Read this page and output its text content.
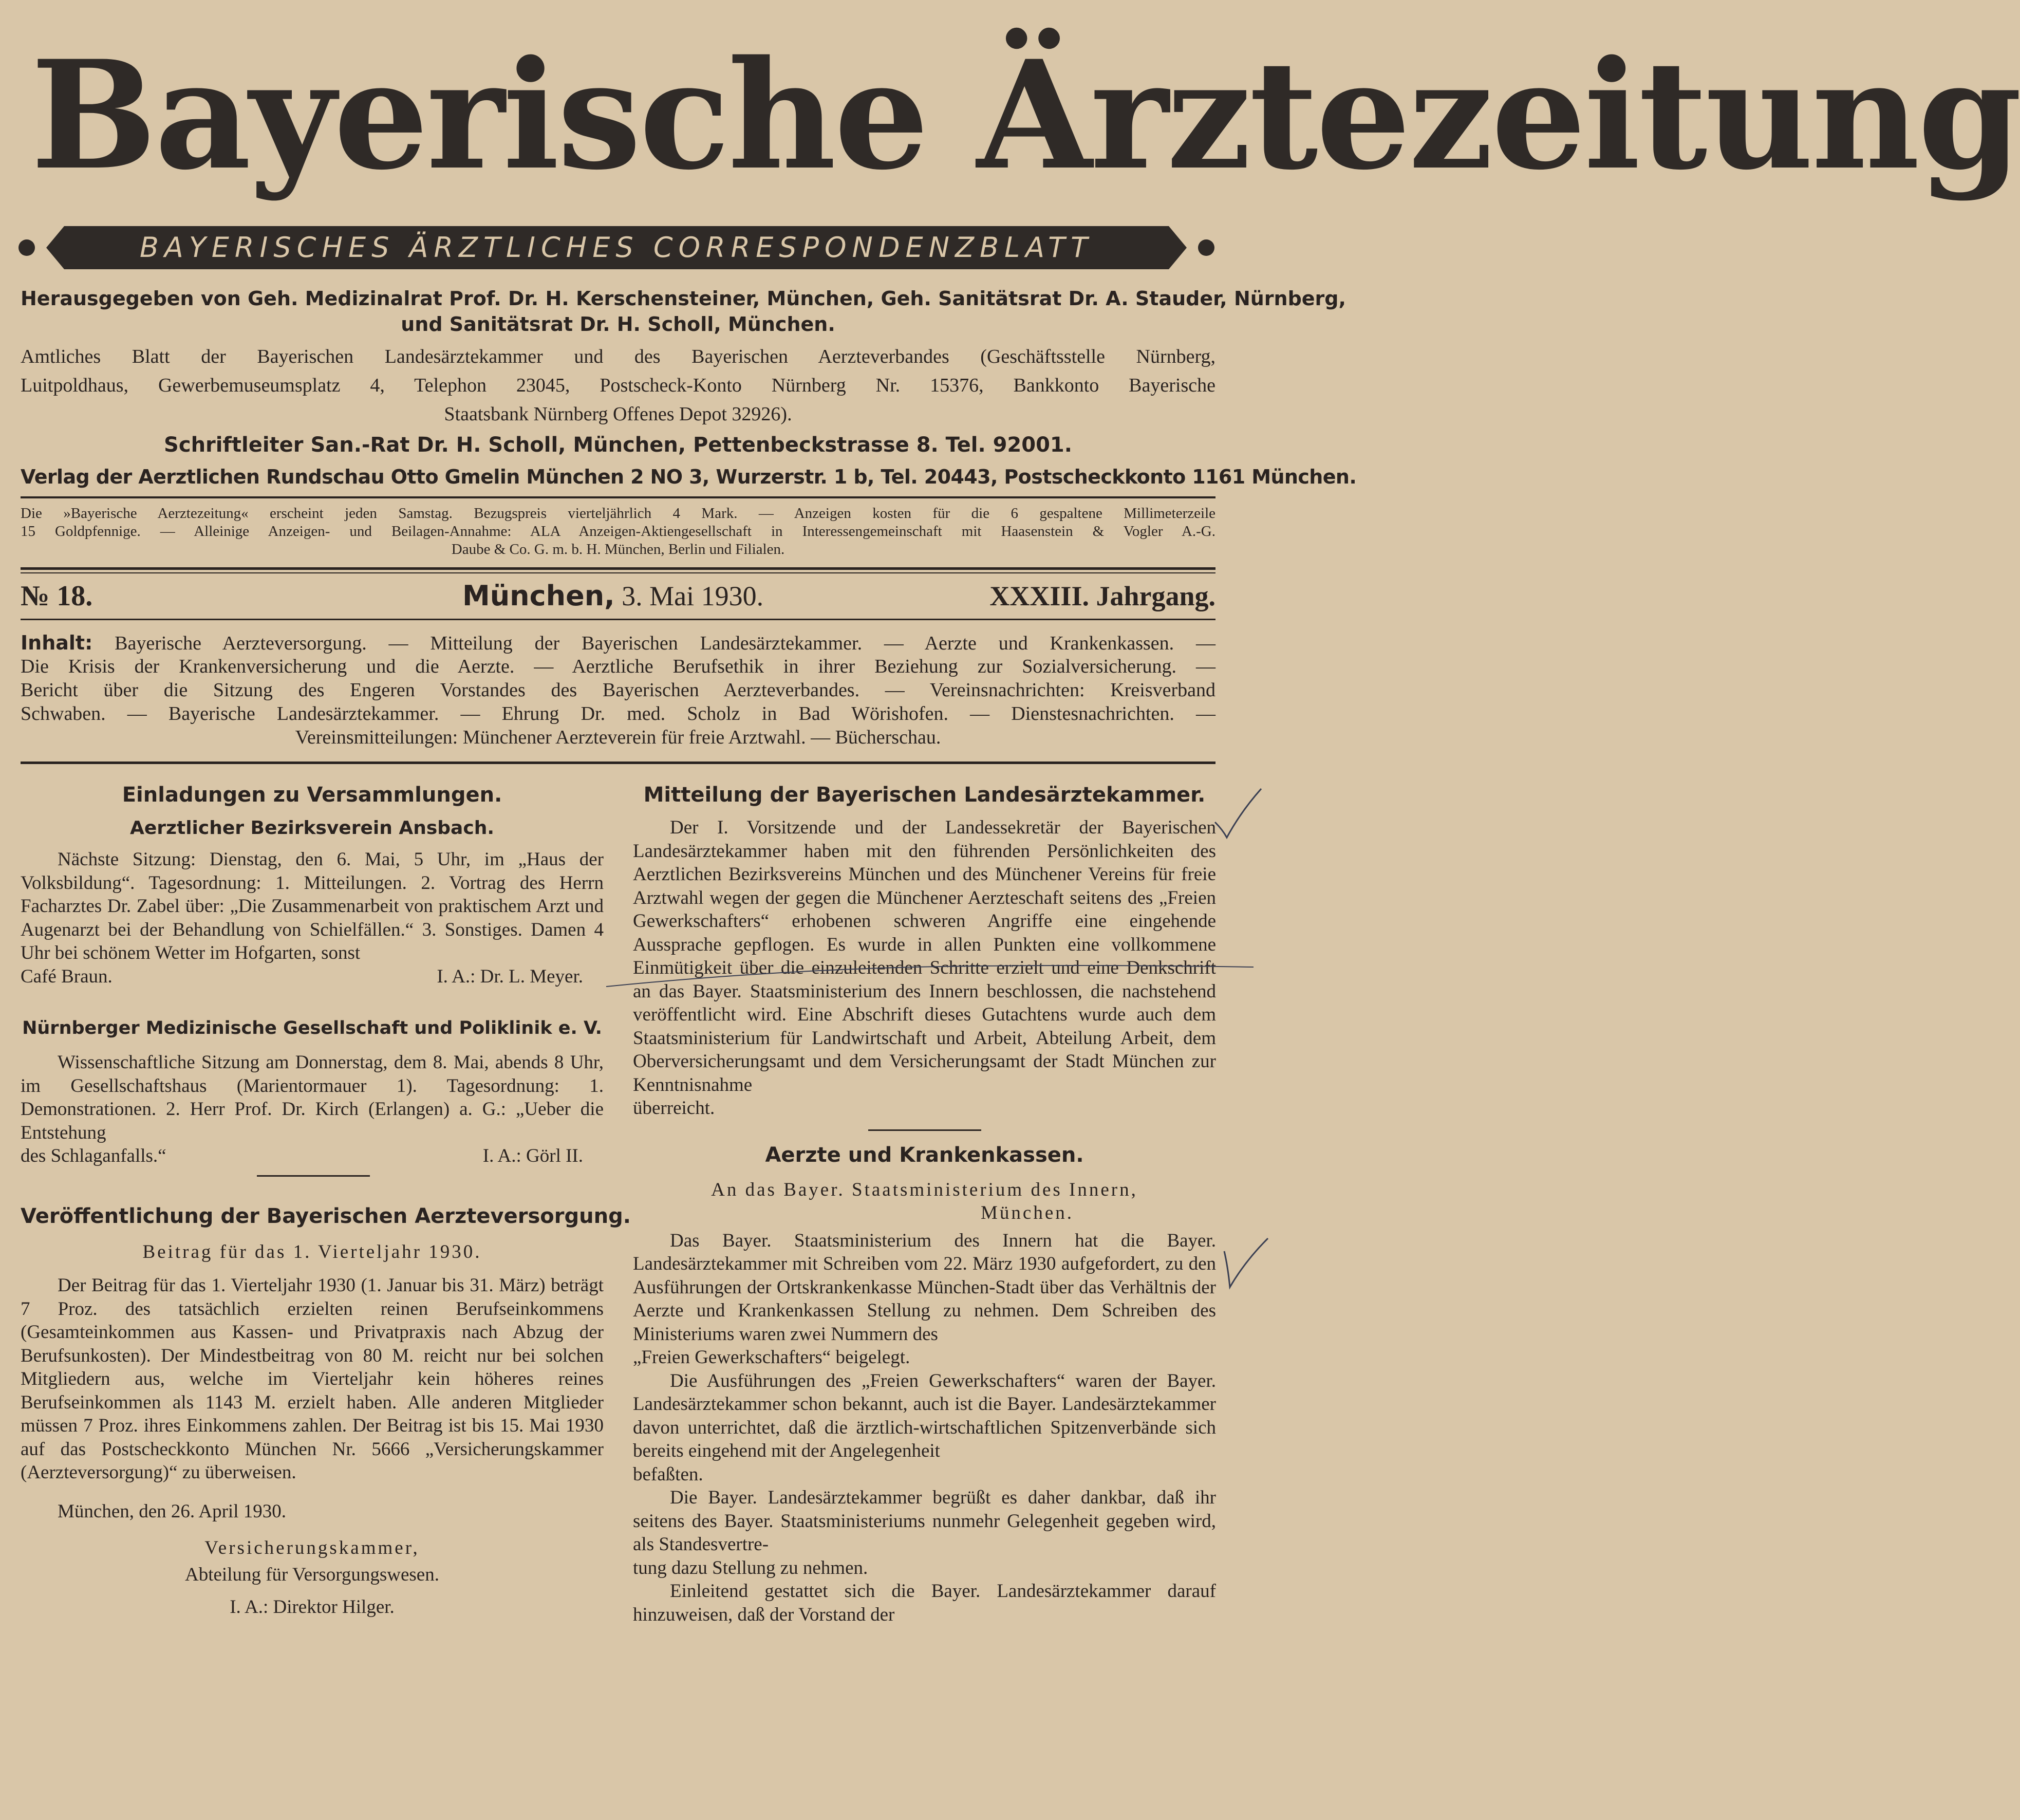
Bayerische Ärztezeitung
BAYERISCHES ÄRZTLICHES CORRESPONDENZBLATT
Herausgegeben von Geh. Medizinalrat Prof. Dr. H. Kerschensteiner, München, Geh. Sanitätsrat Dr. A. Stauder, Nürnberg,
und Sanitätsrat Dr. H. Scholl, München.
Amtliches Blatt der Bayerischen Landesärztekammer und des Bayerischen Aerzteverbandes (Geschäftsstelle Nürnberg,
Luitpoldhaus, Gewerbemuseumsplatz 4, Telephon 23045, Postscheck-Konto Nürnberg Nr. 15376, Bankkonto Bayerische
Staatsbank Nürnberg Offenes Depot 32926).
Schriftleiter San.-Rat Dr. H. Scholl, München, Pettenbeckstrasse 8. Tel. 92001.
Verlag der Aerztlichen Rundschau Otto Gmelin München 2 NO 3, Wurzerstr. 1 b, Tel. 20443, Postscheckkonto 1161 München.
Die »Bayerische Aerztezeitung« erscheint jeden Samstag. Bezugspreis vierteljährlich 4 Mark. — Anzeigen kosten für die 6 gespaltene Millimeterzeile
15 Goldpfennige. — Alleinige Anzeigen- und Beilagen-Annahme: ALA Anzeigen-Aktiengesellschaft in Interessengemeinschaft mit Haasenstein & Vogler A.-G.
Daube & Co. G. m. b. H. München, Berlin und Filialen.
№ 18.	München, 3. Mai 1930.	XXXIII. Jahrgang.
Inhalt: Bayerische Aerzteversorgung. — Mitteilung der Bayerischen Landesärztekammer. — Aerzte und Krankenkassen. —
Die Krisis der Krankenversicherung und die Aerzte. — Aerztliche Berufsethik in ihrer Beziehung zur Sozialversicherung. —
Bericht über die Sitzung des Engeren Vorstandes des Bayerischen Aerzteverbandes. — Vereinsnachrichten: Kreisverband
Schwaben. — Bayerische Landesärztekammer. — Ehrung Dr. med. Scholz in Bad Wörishofen. — Dienstesnachrichten. —
Vereinsmitteilungen: Münchener Aerzteverein für freie Arztwahl. — Bücherschau.
Einladungen zu Versammlungen.
Aerztlicher Bezirksverein Ansbach.

Nächste Sitzung: Dienstag, den 6. Mai, 5 Uhr, im „Haus der Volksbildung“. Tagesordnung: 1. Mitteilungen. 2. Vortrag des Herrn Facharztes Dr. Zabel über: „Die Zusammenarbeit von praktischem Arzt und Augenarzt bei der Behandlung von Schielfällen.“ 3. Sonstiges. Damen 4 Uhr bei schönem Wetter im Hofgarten, sonst

Café Braun.	I. A.: Dr. L. Meyer.
Nürnberger Medizinische Gesellschaft und Poliklinik e. V.

Wissenschaftliche Sitzung am Donnerstag, dem 8. Mai, abends 8 Uhr, im Gesellschaftshaus (Marientormauer 1). Tagesordnung: 1. Demonstrationen. 2. Herr Prof. Dr. Kirch (Erlangen) a. G.: „Ueber die Entstehung

des Schlaganfalls.“	I. A.: Görl II.
Veröffentlichung der Bayerischen Aerzteversorgung.
Beitrag für das 1. Vierteljahr 1930.

Der Beitrag für das 1. Vierteljahr 1930 (1. Januar bis 31. März) beträgt 7 Proz. des tatsächlich erzielten reinen Berufseinkommens (Gesamteinkommen aus Kassen- und Privatpraxis nach Abzug der Berufsunkosten). Der Mindestbeitrag von 80 M. reicht nur bei solchen Mitgliedern aus, welche im Vierteljahr kein höheres reines Berufseinkommen als 1143 M. erzielt haben. Alle anderen Mitglieder müssen 7 Proz. ihres Einkommens zahlen. Der Beitrag ist bis 15. Mai 1930 auf das Postscheckkonto München Nr. 5666 „Versicherungskammer (Aerzteversorgung)“ zu überweisen.

München, den 26. April 1930.

Versicherungskammer,
Abteilung für Versorgungswesen.
I. A.: Direktor Hilger.
Mitteilung der Bayerischen Landesärztekammer.

Der I. Vorsitzende und der Landessekretär der Bayerischen Landesärztekammer haben mit den führenden Persönlichkeiten des Aerztlichen Bezirksvereins München und des Münchener Vereins für freie Arztwahl wegen der gegen die Münchener Aerzteschaft seitens des „Freien Gewerkschafters“ erhobenen schweren Angriffe eine eingehende Aussprache gepflogen. Es wurde in allen Punkten eine vollkommene Einmütigkeit über die einzuleitenden Schritte erzielt und eine Denkschrift an das Bayer. Staatsministerium des Innern beschlossen, die nachstehend veröffentlicht wird. Eine Abschrift dieses Gutachtens wurde auch dem Staatsministerium für Landwirtschaft und Arbeit, Abteilung Arbeit, dem Oberversicherungsamt und dem Versicherungsamt der Stadt München zur Kenntnisnahme

überreicht.
Aerzte und Krankenkassen.
An das Bayer. Staatsministerium des Innern,
München.

Das Bayer. Staatsministerium des Innern hat die Bayer. Landesärztekammer mit Schreiben vom 22. März 1930 aufgefordert, zu den Ausführungen der Ortskrankenkasse München-Stadt über das Verhältnis der Aerzte und Krankenkassen Stellung zu nehmen. Dem Schreiben des Ministeriums waren zwei Nummern des

„Freien Gewerkschafters“ beigelegt.

Die Ausführungen des „Freien Gewerkschafters“ waren der Bayer. Landesärztekammer schon bekannt, auch ist die Bayer. Landesärztekammer davon unterrichtet, daß die ärztlich-wirtschaftlichen Spitzenverbände sich bereits eingehend mit der Angelegenheit

befaßten.

Die Bayer. Landesärztekammer begrüßt es daher dankbar, daß ihr seitens des Bayer. Staatsministeriums nunmehr Gelegenheit gegeben wird, als Standesvertre-

tung dazu Stellung zu nehmen.

Einleitend gestattet sich die Bayer. Landesärztekammer darauf hinzuweisen, daß der Vorstand der
